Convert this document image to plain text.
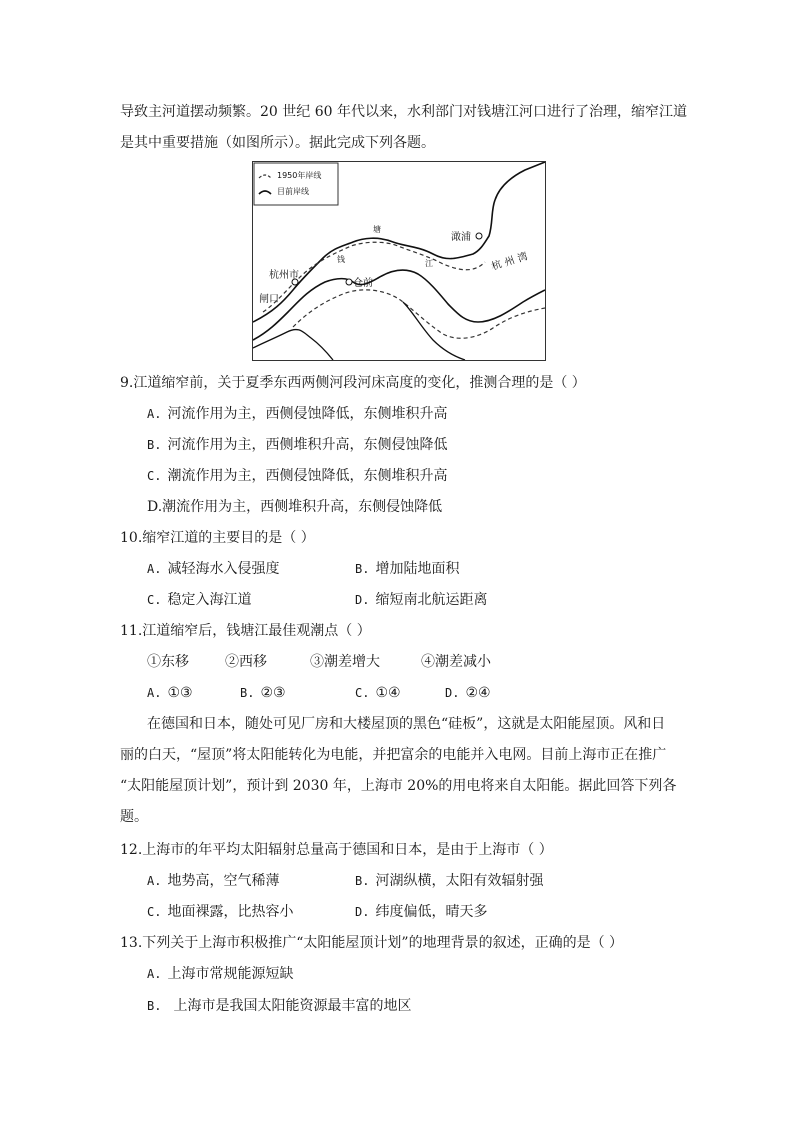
导致主河道摆动频繁。20 世纪 60 年代以来，水利部门对钱塘江河口进行了治理，缩窄江道
是其中重要措施（如图所示）。据此完成下列各题。
1950年岸线
目前岸线
澉浦
杭 州 湾
杭州市
闸口
仓前
钱
塘
江
9.江道缩窄前，关于夏季东西两侧河段河床高度的变化，推测合理的是（ ）
A. 河流作用为主，西侧侵蚀降低，东侧堆积升高
B. 河流作用为主，西侧堆积升高，东侧侵蚀降低
C. 潮流作用为主，西侧侵蚀降低，东侧堆积升高
D.潮流作用为主，西侧堆积升高，东侧侵蚀降低
10.缩窄江道的主要目的是（ ）
A. 减轻海水入侵强度	B. 增加陆地面积
C. 稳定入海江道	D. 缩短南北航运距离
11.江道缩窄后，钱塘江最佳观潮点（ ）
①东移	②西移	③潮差增大	④潮差减小
A. ①③	B. ②③	C. ①④	D. ②④
在德国和日本，随处可见厂房和大楼屋顶的黑色“硅板”，这就是太阳能屋顶。风和日
丽的白天，“屋顶”将太阳能转化为电能，并把富余的电能并入电网。目前上海市正在推广
“太阳能屋顶计划”，预计到 2030 年，上海市 20%的用电将来自太阳能。据此回答下列各
题。
12.上海市的年平均太阳辐射总量高于德国和日本，是由于上海市（ ）
A. 地势高，空气稀薄	B. 河湖纵横，太阳有效辐射强
C. 地面裸露，比热容小	D. 纬度偏低，晴天多
13.下列关于上海市积极推广“太阳能屋顶计划”的地理背景的叙述，正确的是（ ）
A. 上海市常规能源短缺
B. 上海市是我国太阳能资源最丰富的地区
